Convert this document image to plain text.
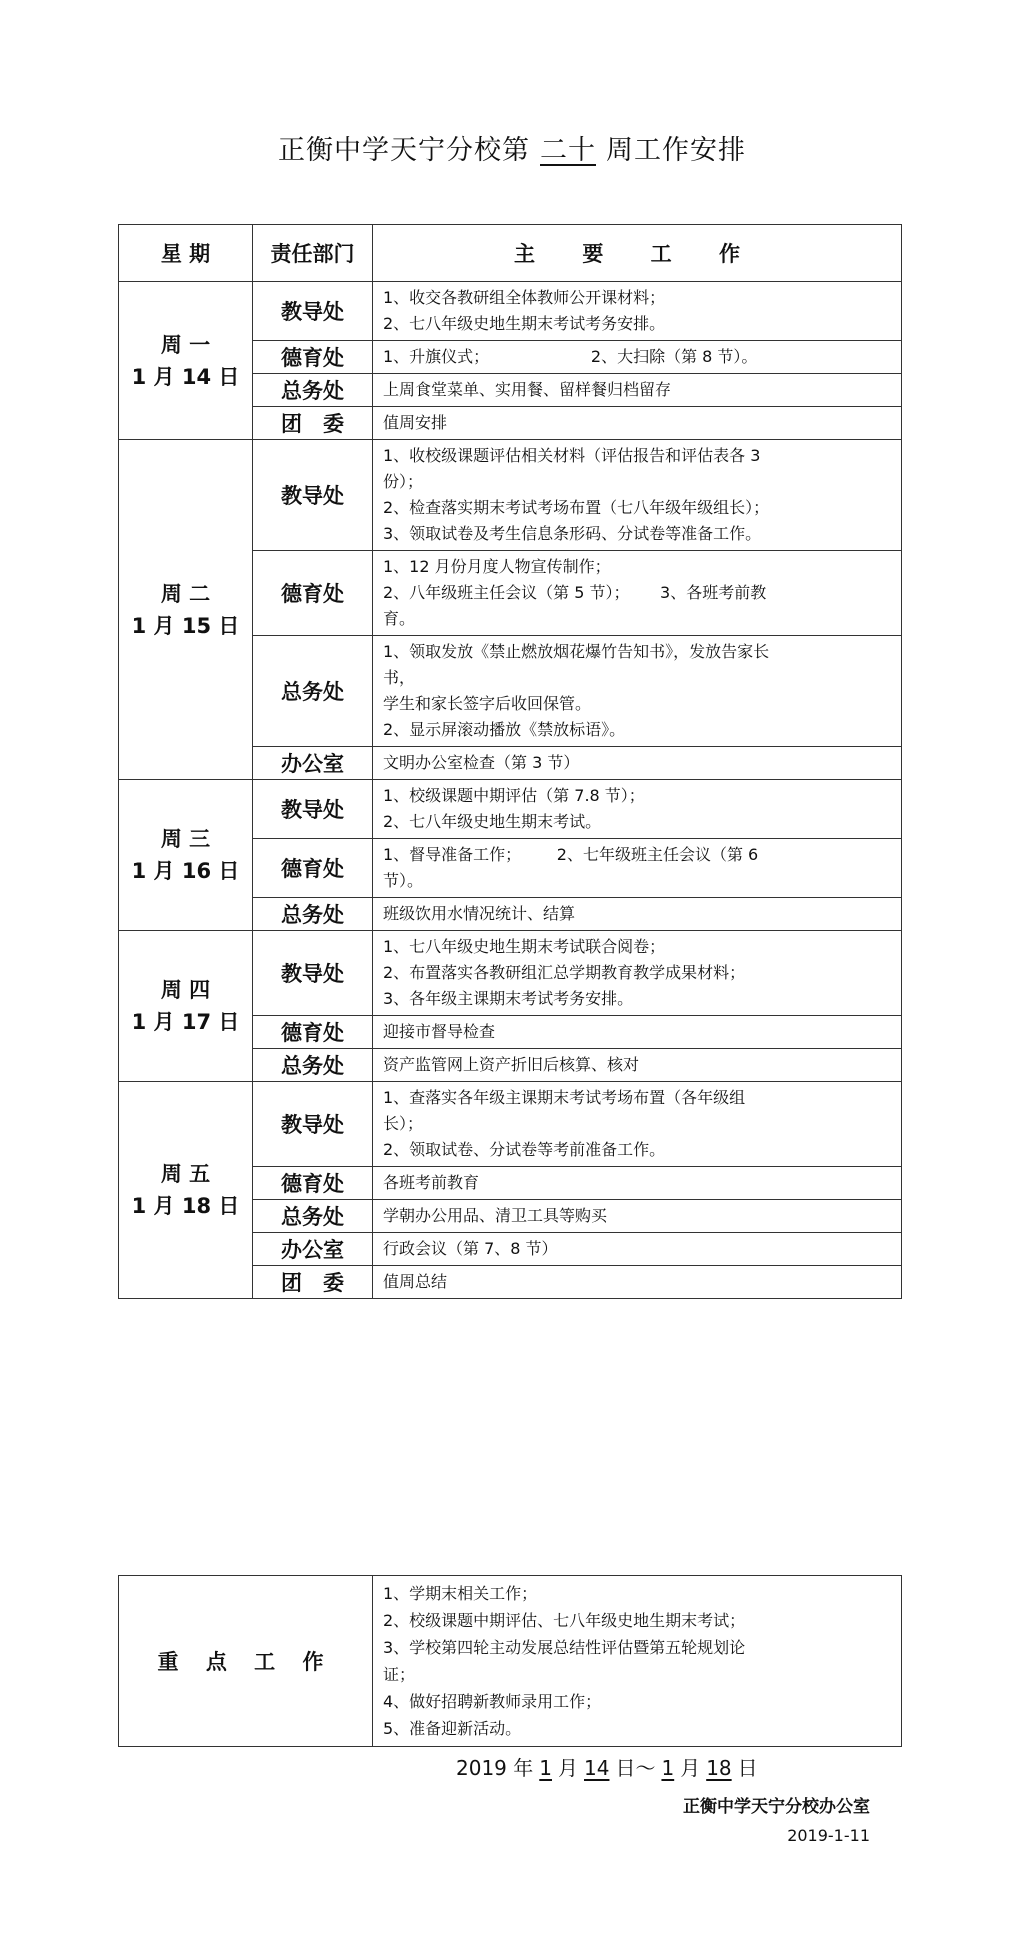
正衡中学天宁分校第 二十 周工作安排
星 期	责任部门	主 要 工 作

周 一
1 月 14 日	教导处	1、收交各教研组全体教师公开课材料；
2、七八年级史地生期末考试考务安排。

	德育处	1、升旗仪式；                    2、大扫除（第 8 节）。

	总务处	上周食堂菜单、实用餐、留样餐归档留存

	团　委	值周安排

周 二
1 月 15 日	教导处	1、收校级课题评估相关材料（评估报告和评估表各 3
份）；
2、检查落实期末考试考场布置（七八年级年级组长）；
3、领取试卷及考生信息条形码、分试卷等准备工作。

	德育处	1、12 月份月度人物宣传制作；
2、八年级班主任会议（第 5 节）；      3、各班考前教
育。

	总务处	1、领取发放《禁止燃放烟花爆竹告知书》，发放告家长
书，
学生和家长签字后收回保管。
2、显示屏滚动播放《禁放标语》。

	办公室	文明办公室检查（第 3 节）

周 三
1 月 16 日	教导处	1、校级课题中期评估（第 7.8 节）；
2、七八年级史地生期末考试。

	德育处	1、督导准备工作；       2、七年级班主任会议（第 6
节）。

	总务处	班级饮用水情况统计、结算

周 四
1 月 17 日	教导处	1、七八年级史地生期末考试联合阅卷；
2、布置落实各教研组汇总学期教育教学成果材料；
3、各年级主课期末考试考务安排。

	德育处	迎接市督导检查

	总务处	资产监管网上资产折旧后核算、核对

周 五
1 月 18 日	教导处	1、查落实各年级主课期末考试考场布置（各年级组
长）；
2、领取试卷、分试卷等考前准备工作。

	德育处	各班考前教育

	总务处	学朝办公用品、清卫工具等购买

	办公室	行政会议（第 7、8 节）

	团　委	值周总结
重 点 工 作	
1、学期末相关工作；
2、校级课题中期评估、七八年级史地生期末考试；
3、学校第四轮主动发展总结性评估暨第五轮规划论
证；
4、做好招聘新教师录用工作；
5、准备迎新活动。
2019 年 1 月 14 日～ 1 月 18 日
正衡中学天宁分校办公室
2019-1-11
